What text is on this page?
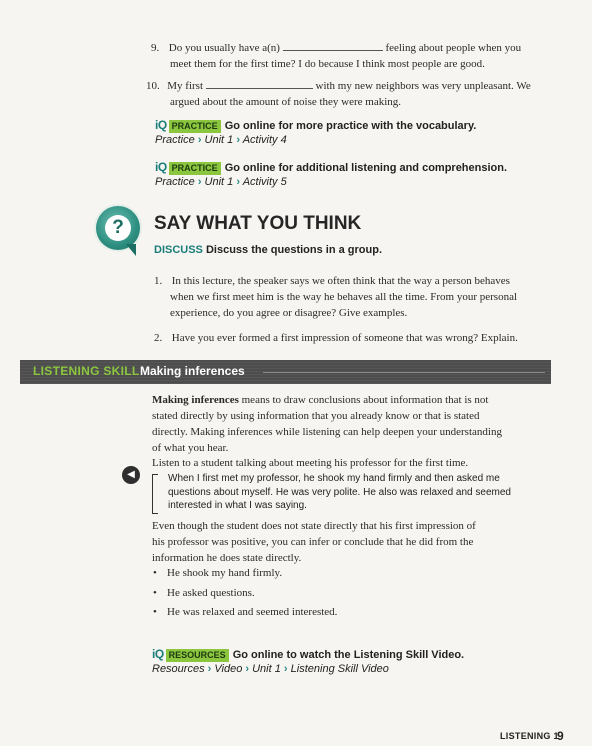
9. Do you usually have a(n)	feeling about people when you
meet them for the first time? I do because I think most people are good.
10. My first	with my new neighbors was very unpleasant. We
argued about the amount of noise they were making.
iQ PRACTICE Go online for more practice with the vocabulary.
Practice › Unit 1 › Activity 4
iQ PRACTICE Go online for additional listening and comprehension.
Practice › Unit 1 › Activity 5
?	SAY WHAT YOU THINK
DISCUSS Discuss the questions in a group.
1. In this lecture, the speaker says we often think that the way a person behaves
when we first meet him is the way he behaves all the time. From your personal
experience, do you agree or disagree? Give examples.
2. Have you ever formed a first impression of someone that was wrong? Explain.
LISTENING SKILL Making inferences
Making inferences means to draw conclusions about information that is not
stated directly by using information that you already know or that is stated
directly. Making inferences while listening can help deepen your understanding
of what you hear.
Listen to a student talking about meeting his professor for the first time.
◀	When I first met my professor, he shook my hand firmly and then asked me
questions about myself. He was very polite. He also was relaxed and seemed
interested in what I was saying.
Even though the student does not state directly that his first impression of
his professor was positive, you can infer or conclude that he did from the
information he does state directly.
• He shook my hand firmly.
• He asked questions.
• He was relaxed and seemed interested.
iQ RESOURCES Go online to watch the Listening Skill Video.
Resources › Video › Unit 1 › Listening Skill Video
LISTENING 1
9
